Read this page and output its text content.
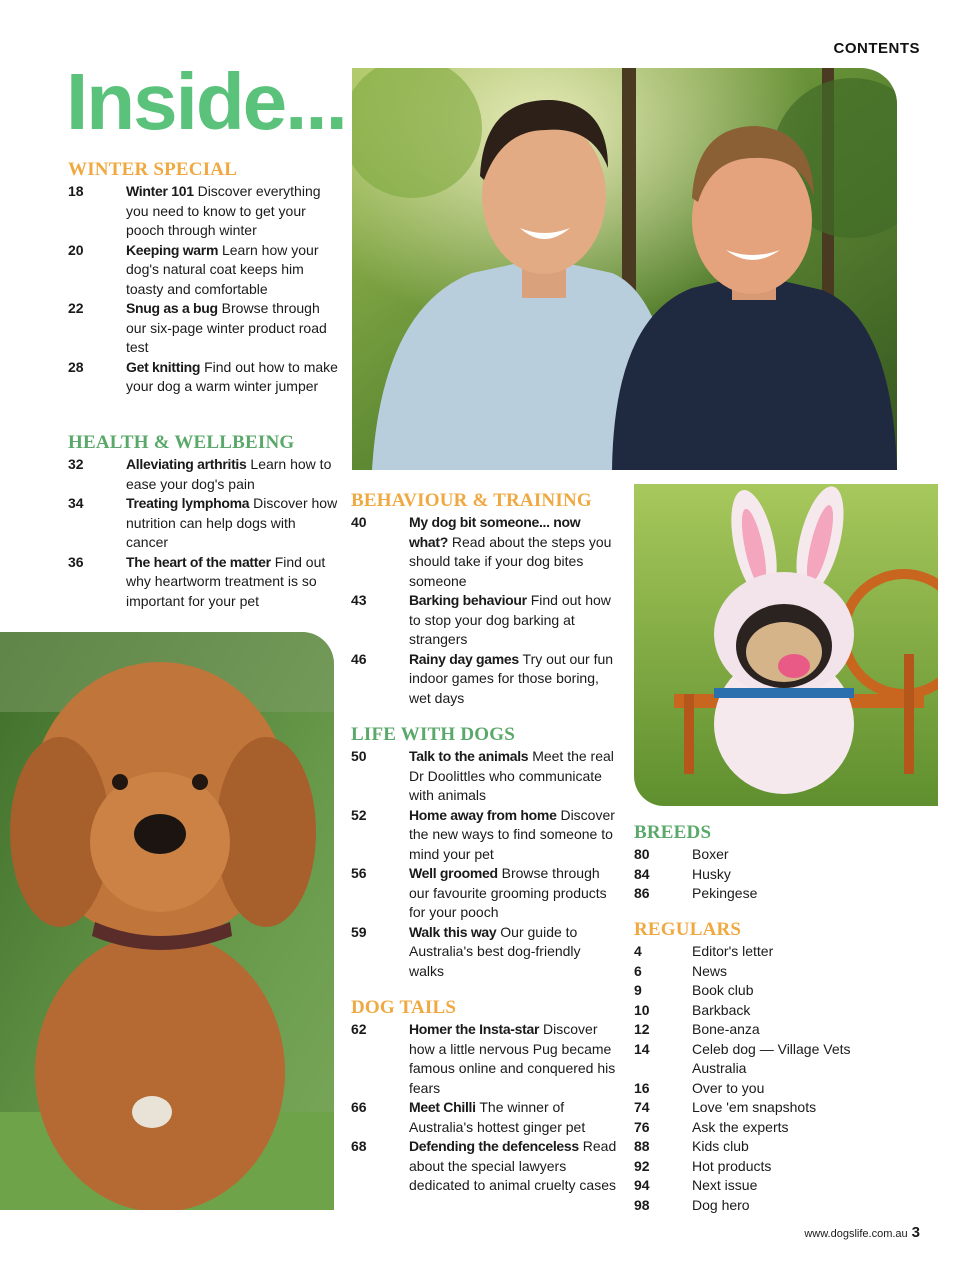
CONTENTS
Inside...
WINTER SPECIAL
18	Winter 101 Discover everything you need to know to get your pooch through winter
20	Keeping warm Learn how your dog's natural coat keeps him toasty and comfortable
22	Snug as a bug Browse through our six-page winter product road test
28	Get knitting Find out how to make your dog a warm winter jumper
HEALTH & WELLBEING
32	Alleviating arthritis Learn how to ease your dog's pain
34	Treating lymphoma Discover how nutrition can help dogs with cancer
36	The heart of the matter Find out why heartworm treatment is so important for your pet
BEHAVIOUR & TRAINING
40	My dog bit someone... now what? Read about the steps you should take if your dog bites someone
43	Barking behaviour Find out how to stop your dog barking at strangers
46	Rainy day games Try out our fun indoor games for those boring, wet days
LIFE WITH DOGS
50	Talk to the animals Meet the real Dr Doolittles who communicate with animals
52	Home away from home Discover the new ways to find someone to mind your pet
56	Well groomed Browse through our favourite grooming products for your pooch
59	Walk this way Our guide to Australia's best dog-friendly walks
DOG TAILS
62	Homer the Insta-star Discover how a little nervous Pug became famous online and conquered his fears
66	Meet Chilli The winner of Australia's hottest ginger pet
68	Defending the defenceless Read about the special lawyers dedicated to animal cruelty cases
BREEDS
80	Boxer
84	Husky
86	Pekingese
REGULARS
4	Editor's letter
6	News
9	Book club
10	Barkback
12	Bone-anza
14	Celeb dog — Village Vets Australia
16	Over to you
74	Love 'em snapshots
76	Ask the experts
88	Kids club
92	Hot products
94	Next issue
98	Dog hero
www.dogslife.com.au 3
